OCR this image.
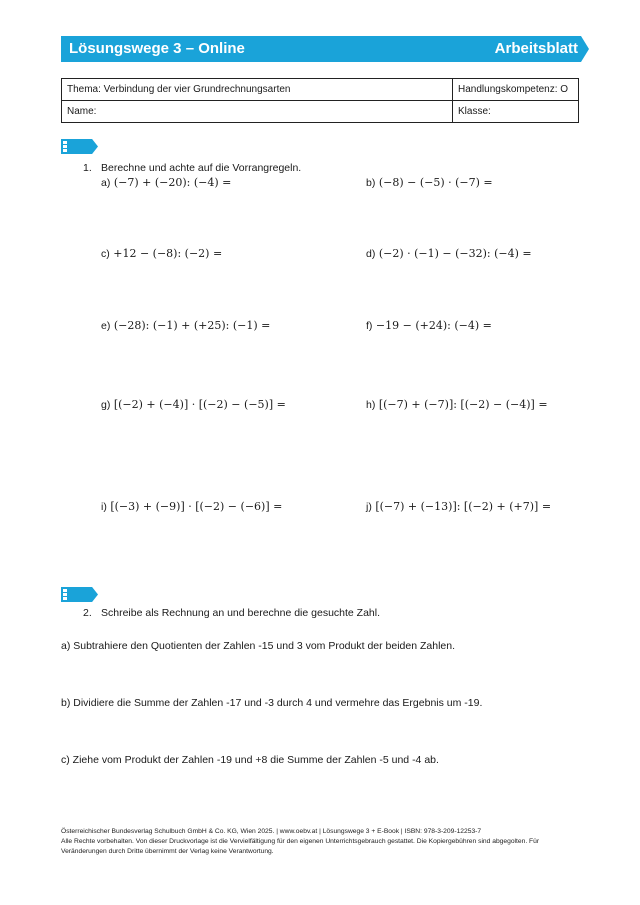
Lösungswege 3 – Online	Arbeitsblatt
Thema: Verbindung der vier Grundrechnungsarten	Handlungskompetenz: O
Name:	Klasse:
1. Berechne und achte auf die Vorrangregeln.
a) (−7) + (−20): (−4) =	b) (−8) − (−5) · (−7) =
c) +12 − (−8): (−2) =	d) (−2) · (−1) − (−32): (−4) =
e) (−28): (−1) + (+25): (−1) =	f) −19 − (+24): (−4) =
g) [(−2) + (−4)] · [(−2) − (−5)] =	h) [(−7) + (−7)]: [(−2) − (−4)] =
i) [(−3) + (−9)] · [(−2) − (−6)] =	j) [(−7) + (−13)]: [(−2) + (+7)] =
2. Schreibe als Rechnung an und berechne die gesuchte Zahl.
a) Subtrahiere den Quotienten der Zahlen -15 und 3 vom Produkt der beiden Zahlen.
b) Dividiere die Summe der Zahlen -17 und -3 durch 4 und vermehre das Ergebnis um -19.
c) Ziehe vom Produkt der Zahlen -19 und +8 die Summe der Zahlen -5 und -4 ab.
Österreichischer Bundesverlag Schulbuch GmbH & Co. KG, Wien 2025. | www.oebv.at | Lösungswege 3 + E-Book | ISBN: 978-3-209-12253-7
Alle Rechte vorbehalten. Von dieser Druckvorlage ist die Vervielfältigung für den eigenen Unterrichtsgebrauch gestattet. Die Kopiergebühren sind abgegolten. Für
Veränderungen durch Dritte übernimmt der Verlag keine Verantwortung.
